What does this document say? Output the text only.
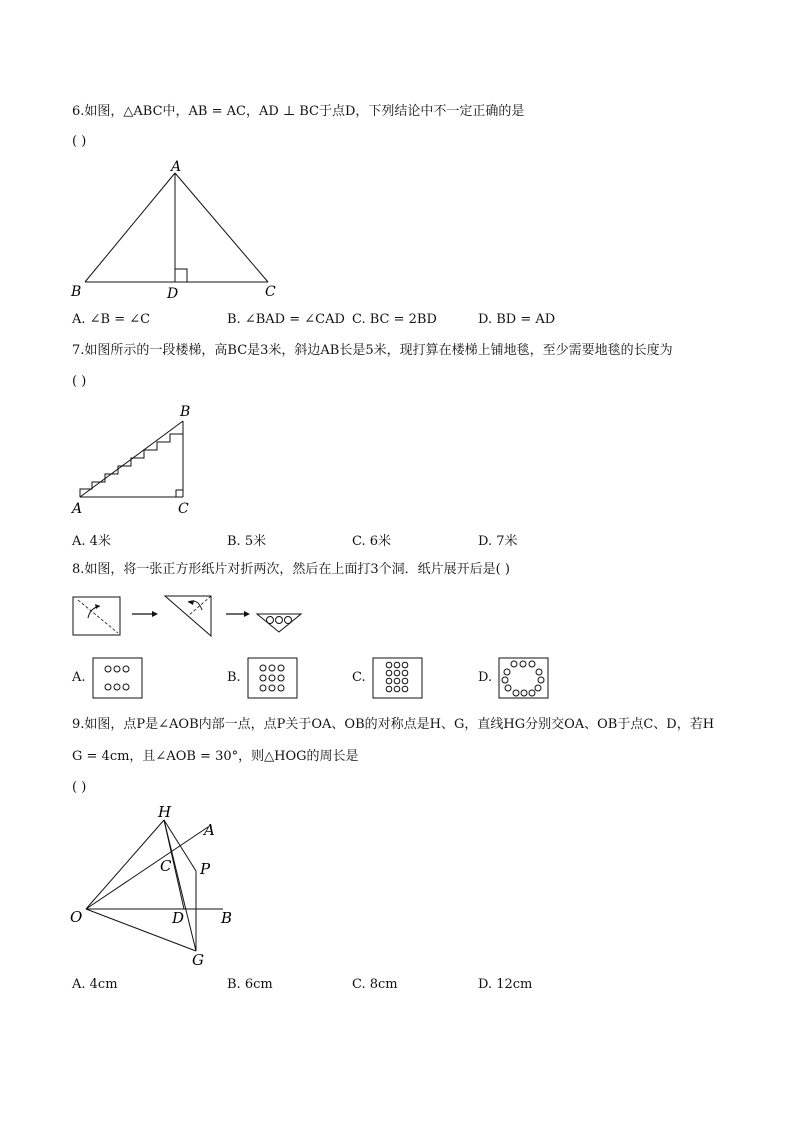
6.如图，△ABC中，AB = AC，AD ⊥ BC于点D，下列结论中不一定正确的是
( )
A
B	D	C
A. ∠B = ∠C	B. ∠BAD = ∠CAD C. BC = 2BD	D. BD = AD
7.如图所示的一段楼梯，高BC是3米，斜边AB长是5米，现打算在楼梯上铺地毯，至少需要地毯的长度为
( )
B
A	C
A. 4米	B. 5米	C. 6米	D. 7米
8.如图，将一张正方形纸片对折两次，然后在上面打3个洞．纸片展开后是( )
A.	B.	C.	D.
9.如图，点P是∠AOB内部一点，点P关于OA、OB的对称点是H、G，直线HG分别交OA、OB于点C、D，若H
G = 4cm，且∠AOB = 30°，则△HOG的周长是
( )
H
A
C P
O	D B
G
A. 4cm	B. 6cm	C. 8cm	D. 12cm
